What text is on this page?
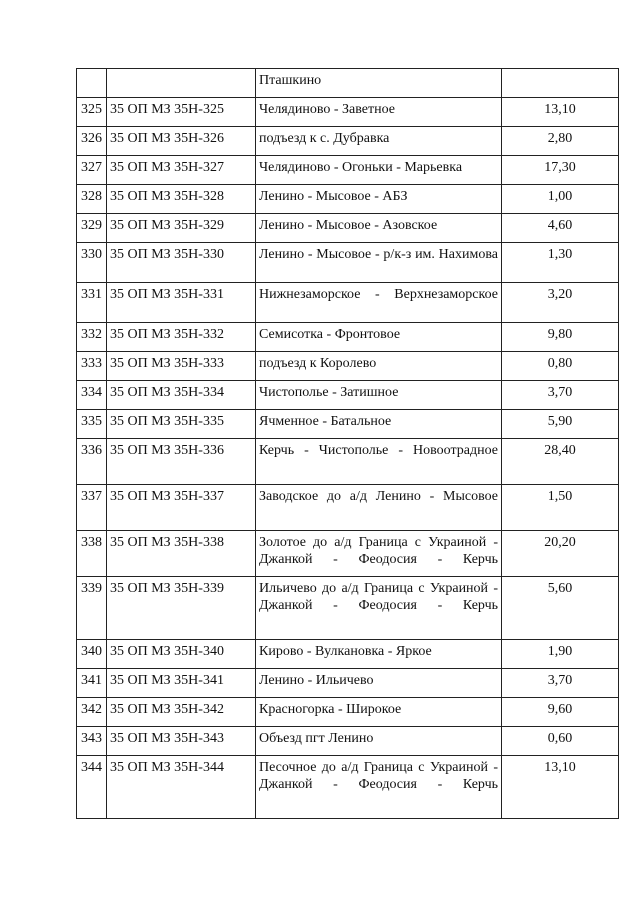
		Пташкино	
325	35 ОП МЗ 35Н-325	Челядиново - Заветное	13,10
326	35 ОП МЗ 35Н-326	подъезд к с. Дубравка	2,80
327	35 ОП МЗ 35Н-327	Челядиново - Огоньки - Марьевка	17,30
328	35 ОП МЗ 35Н-328	Ленино - Мысовое - АБЗ	1,00
329	35 ОП МЗ 35Н-329	Ленино - Мысовое - Азовское	4,60
330	35 ОП МЗ 35Н-330	Ленино - Мысовое - р/к-з им. Нахимова	1,30
331	35 ОП МЗ 35Н-331	Нижнезаморское - Верхнезаморское	3,20
332	35 ОП МЗ 35Н-332	Семисотка - Фронтовое	9,80
333	35 ОП МЗ 35Н-333	подъезд к Королево	0,80
334	35 ОП МЗ 35Н-334	Чистополье - Затишное	3,70
335	35 ОП МЗ 35Н-335	Ячменное - Батальное	5,90
336	35 ОП МЗ 35Н-336	Керчь - Чистополье - Новоотрадное	28,40
337	35 ОП МЗ 35Н-337	Заводское до а/д Ленино - Мысовое	1,50
338	35 ОП МЗ 35Н-338	Золотое до а/д Граница с Украиной - Джанкой - Феодосия - Керчь	20,20
339	35 ОП МЗ 35Н-339	Ильичево до а/д Граница с Украиной - Джанкой - Феодосия - Керчь	5,60
340	35 ОП МЗ 35Н-340	Кирово - Вулкановка - Яркое	1,90
341	35 ОП МЗ 35Н-341	Ленино - Ильичево	3,70
342	35 ОП МЗ 35Н-342	Красногорка - Широкое	9,60
343	35 ОП МЗ 35Н-343	Объезд пгт Ленино	0,60
344	35 ОП МЗ 35Н-344	Песочное до а/д Граница с Украиной - Джанкой - Феодосия - Керчь	13,10
